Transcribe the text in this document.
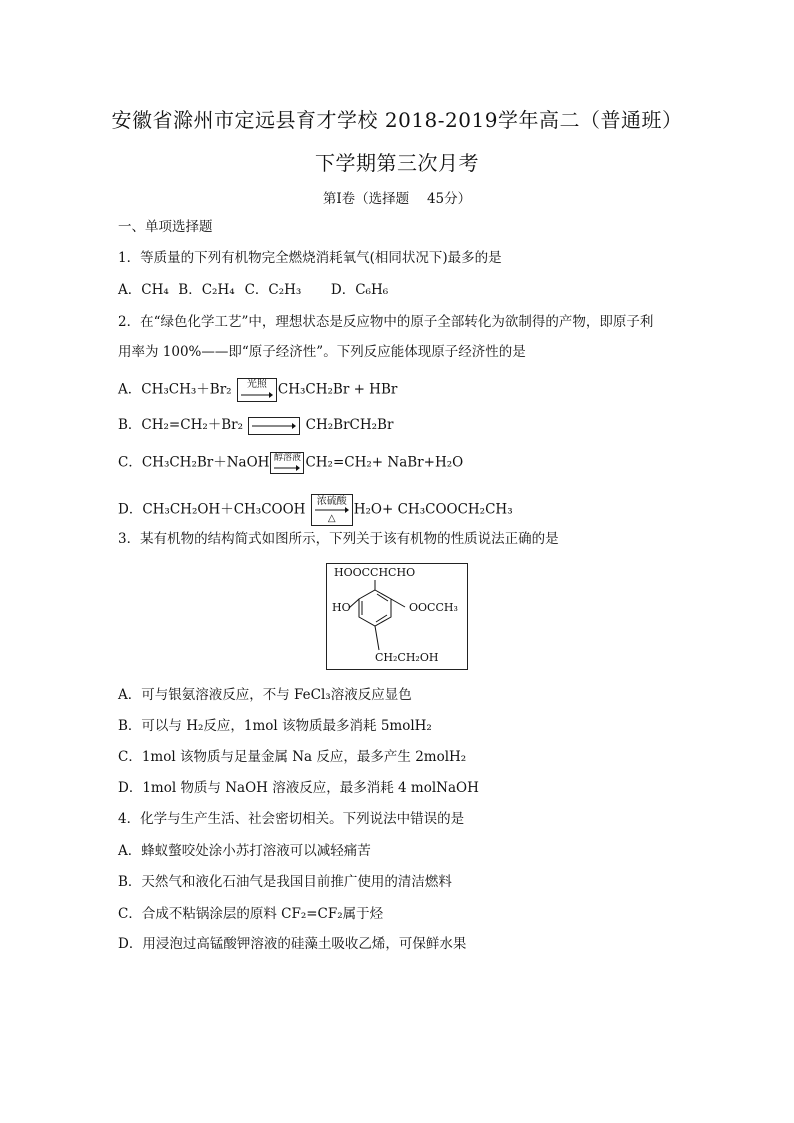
安徽省滁州市定远县育才学校 2018-2019学年高二（普通班）
下学期第三次月考
第Ⅰ卷（选择题　 45分）
一、单项选择题
1．等质量的下列有机物完全燃烧消耗氧气(相同状况下)最多的是
A．CH₄ B．C₂H₄ C．C₂H₃ D．C₆H₆
2．在“绿色化学工艺”中，理想状态是反应物中的原子全部转化为欲制得的产物，即原子利
用率为 100%——即“原子经济性”。下列反应能体现原子经济性的是
A．CH₃CH₃＋Br₂	光照 CH₃CH₂Br + HBr
B．CH₂=CH₂＋Br₂	CH₂BrCH₂Br
C．CH₃CH₂Br＋NaOH 醇溶液 CH₂=CH₂+ NaBr+H₂O
D．CH₃CH₂OH＋CH₃COOH	浓硫酸
△
H₂O+ CH₃COOCH₂CH₃
3．某有机物的结构简式如图所示，下列关于该有机物的性质说法正确的是
HOOCCHCHO
HO	OOCCH₃
CH₂CH₂OH
A．可与银氨溶液反应，不与 FeCl₃溶液反应显色
B．可以与 H₂反应，1mol 该物质最多消耗 5molH₂
C．1mol 该物质与足量金属 Na 反应，最多产生 2molH₂
D．1mol 物质与 NaOH 溶液反应，最多消耗 4 molNaOH
4．化学与生产生活、社会密切相关。下列说法中错误的是
A．蜂蚁螫咬处涂小苏打溶液可以减轻痛苦
B．天然气和液化石油气是我国目前推广使用的清洁燃料
C．合成不粘锅涂层的原料 CF₂=CF₂属于烃
D．用浸泡过高锰酸钾溶液的硅藻土吸收乙烯，可保鲜水果
